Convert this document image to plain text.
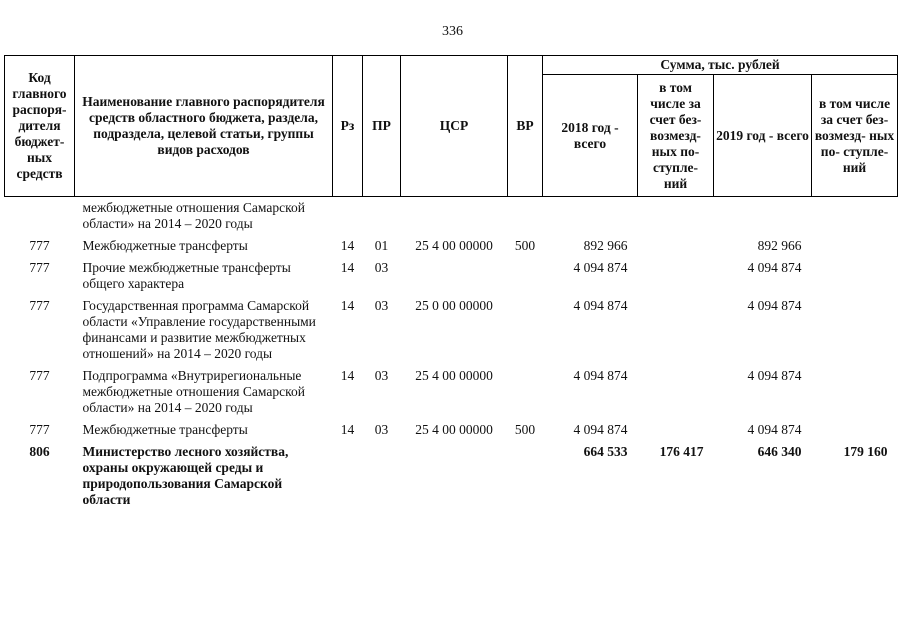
336
Код главного распоря- дителя бюджет- ных средств	Наименование главного распорядителя средств областного бюджета, раздела, подраздела, целевой статьи, группы видов расходов	Рз	ПР	ЦСР	ВР	Сумма, тыс. рублей			
						2018 год - всего	в том числе за счет без- возмезд- ных по- ступле- ний	2019 год - всего	в том числе за счет без- возмезд- ных по- ступле- ний
	межбюджетные отношения Самарской области» на 2014 – 2020 годы								
777	Межбюджетные трансферты	14	01	25 4 00 00000	500	892 966		892 966	
777	Прочие межбюджетные трансферты общего характера	14	03			4 094 874		4 094 874	
777	Государственная программа Самарской области «Управление государственными финансами и развитие межбюджетных отношений» на 2014 – 2020 годы	14	03	25 0 00 00000		4 094 874		4 094 874	
777	Подпрограмма «Внутрирегиональные межбюджетные отношения Самарской области» на 2014 – 2020 годы	14	03	25 4 00 00000		4 094 874		4 094 874	
777	Межбюджетные трансферты	14	03	25 4 00 00000	500	4 094 874		4 094 874	
806	Министерство лесного хозяйства, охраны окружающей среды и природопользования Самарской области					664 533	176 417	646 340	179 160
